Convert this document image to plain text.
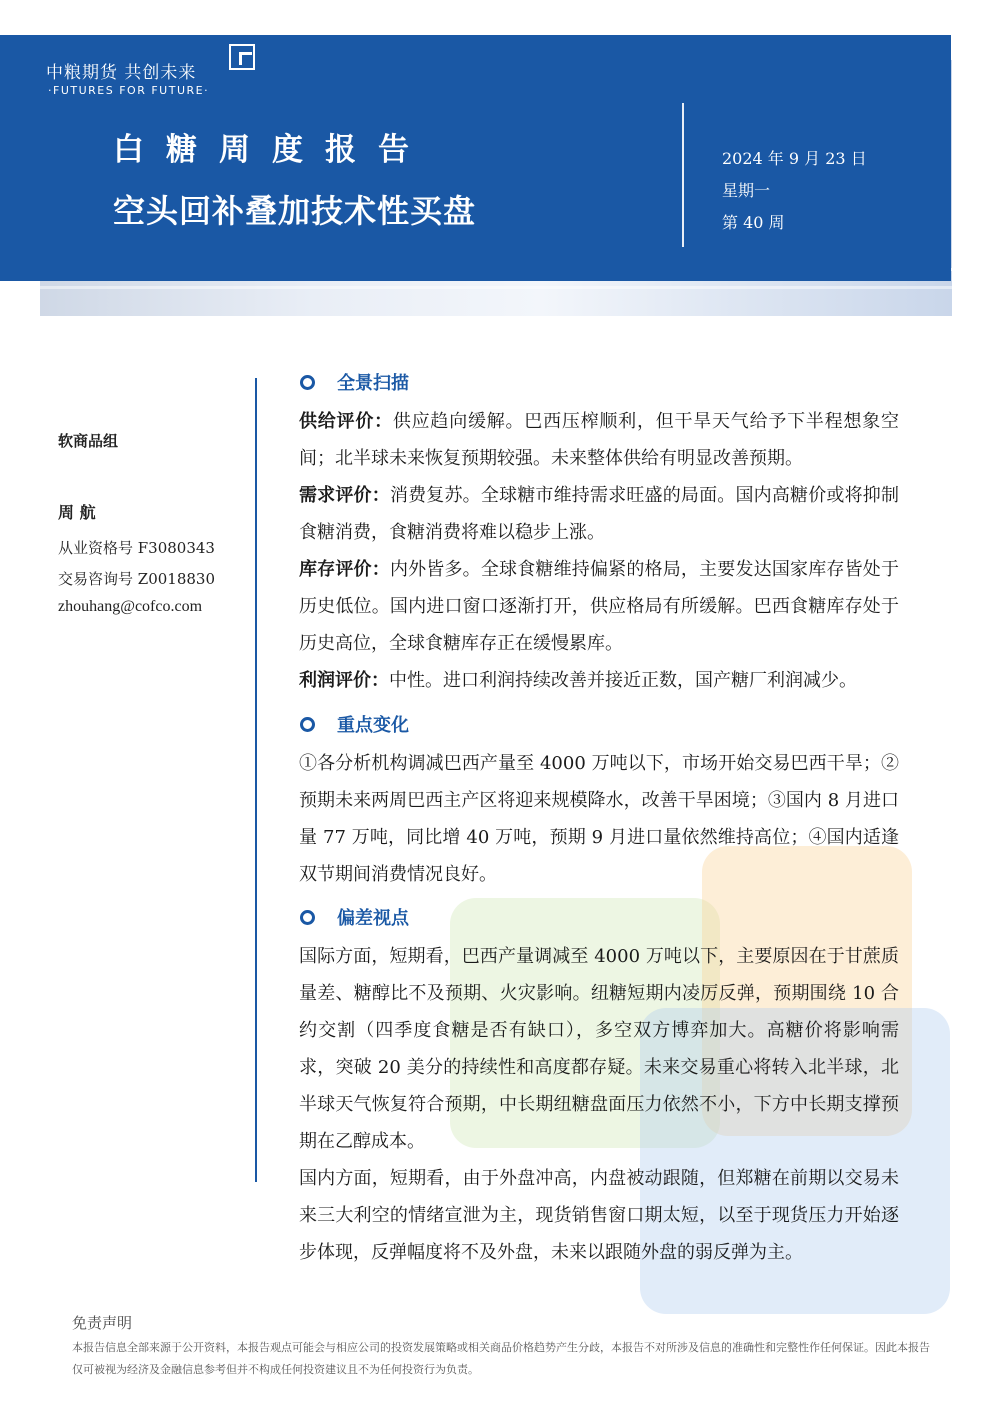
中粮期货 共创未来
·FUTURES FOR FUTURE·
白糖周度报告
空头回补叠加技术性买盘
2024 年 9 月 23 日
星期一
第 40 周
软商品组
周 航
从业资格号 F3080343
交易咨询号 Z0018830
zhouhang@cofco.com
全景扫描
供给评价：供应趋向缓解。巴西压榨顺利，但干旱天气给予下半程想象空间；北半球未来恢复预期较强。未来整体供给有明显改善预期。
需求评价：消费复苏。全球糖市维持需求旺盛的局面。国内高糖价或将抑制食糖消费，食糖消费将难以稳步上涨。
库存评价：内外皆多。全球食糖维持偏紧的格局，主要发达国家库存皆处于历史低位。国内进口窗口逐渐打开，供应格局有所缓解。巴西食糖库存处于历史高位，全球食糖库存正在缓慢累库。
利润评价：中性。进口利润持续改善并接近正数，国产糖厂利润减少。
重点变化
①各分析机构调减巴西产量至 4000 万吨以下，市场开始交易巴西干旱；②预期未来两周巴西主产区将迎来规模降水，改善干旱困境；③国内 8 月进口量 77 万吨，同比增 40 万吨，预期 9 月进口量依然维持高位；④国内适逢双节期间消费情况良好。
偏差视点
国际方面，短期看，巴西产量调减至 4000 万吨以下，主要原因在于甘蔗质量差、糖醇比不及预期、火灾影响。纽糖短期内凌厉反弹，预期围绕 10 合约交割（四季度食糖是否有缺口），多空双方博弈加大。高糖价将影响需求，突破 20 美分的持续性和高度都存疑。未来交易重心将转入北半球，北半球天气恢复符合预期，中长期纽糖盘面压力依然不小，下方中长期支撑预期在乙醇成本。
国内方面，短期看，由于外盘冲高，内盘被动跟随，但郑糖在前期以交易未来三大利空的情绪宣泄为主，现货销售窗口期太短，以至于现货压力开始逐步体现，反弹幅度将不及外盘，未来以跟随外盘的弱反弹为主。
免责声明
本报告信息全部来源于公开资料，本报告观点可能会与相应公司的投资发展策略或相关商品价格趋势产生分歧，本报告不对所涉及信息的准确性和完整性作任何保证。因此本报告仅可被视为经济及金融信息参考但并不构成任何投资建议且不为任何投资行为负责。
